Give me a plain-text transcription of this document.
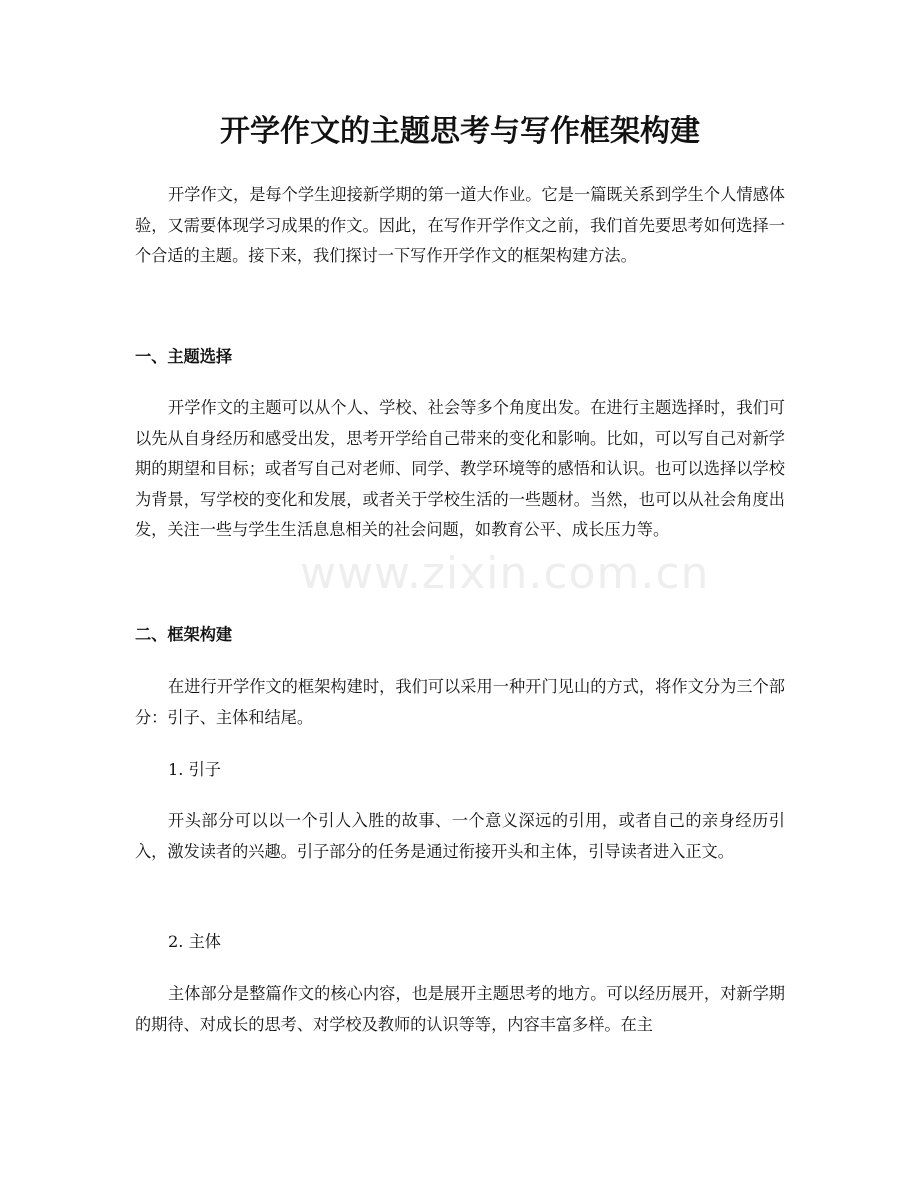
开学作文的主题思考与写作框架构建

开学作文，是每个学生迎接新学期的第一道大作业。它是一篇既关系到学生个人情感体验，又需要体现学习成果的作文。因此，在写作开学作文之前，我们首先要思考如何选择一个合适的主题。接下来，我们探讨一下写作开学作文的框架构建方法。

一、主题选择

开学作文的主题可以从个人、学校、社会等多个角度出发。在进行主题选择时，我们可以先从自身经历和感受出发，思考开学给自己带来的变化和影响。比如，可以写自己对新学期的期望和目标；或者写自己对老师、同学、教学环境等的感悟和认识。也可以选择以学校为背景，写学校的变化和发展，或者关于学校生活的一些题材。当然，也可以从社会角度出发，关注一些与学生生活息息相关的社会问题，如教育公平、成长压力等。

二、框架构建

在进行开学作文的框架构建时，我们可以采用一种开门见山的方式，将作文分为三个部分：引子、主体和结尾。

1. 引子

开头部分可以以一个引人入胜的故事、一个意义深远的引用，或者自己的亲身经历引入，激发读者的兴趣。引子部分的任务是通过衔接开头和主体，引导读者进入正文。

2. 主体

主体部分是整篇作文的核心内容，也是展开主题思考的地方。可以经历展开，对新学期的期待、对成长的思考、对学校及教师的认识等等，内容丰富多样。在主

www.zixin.com.cn
